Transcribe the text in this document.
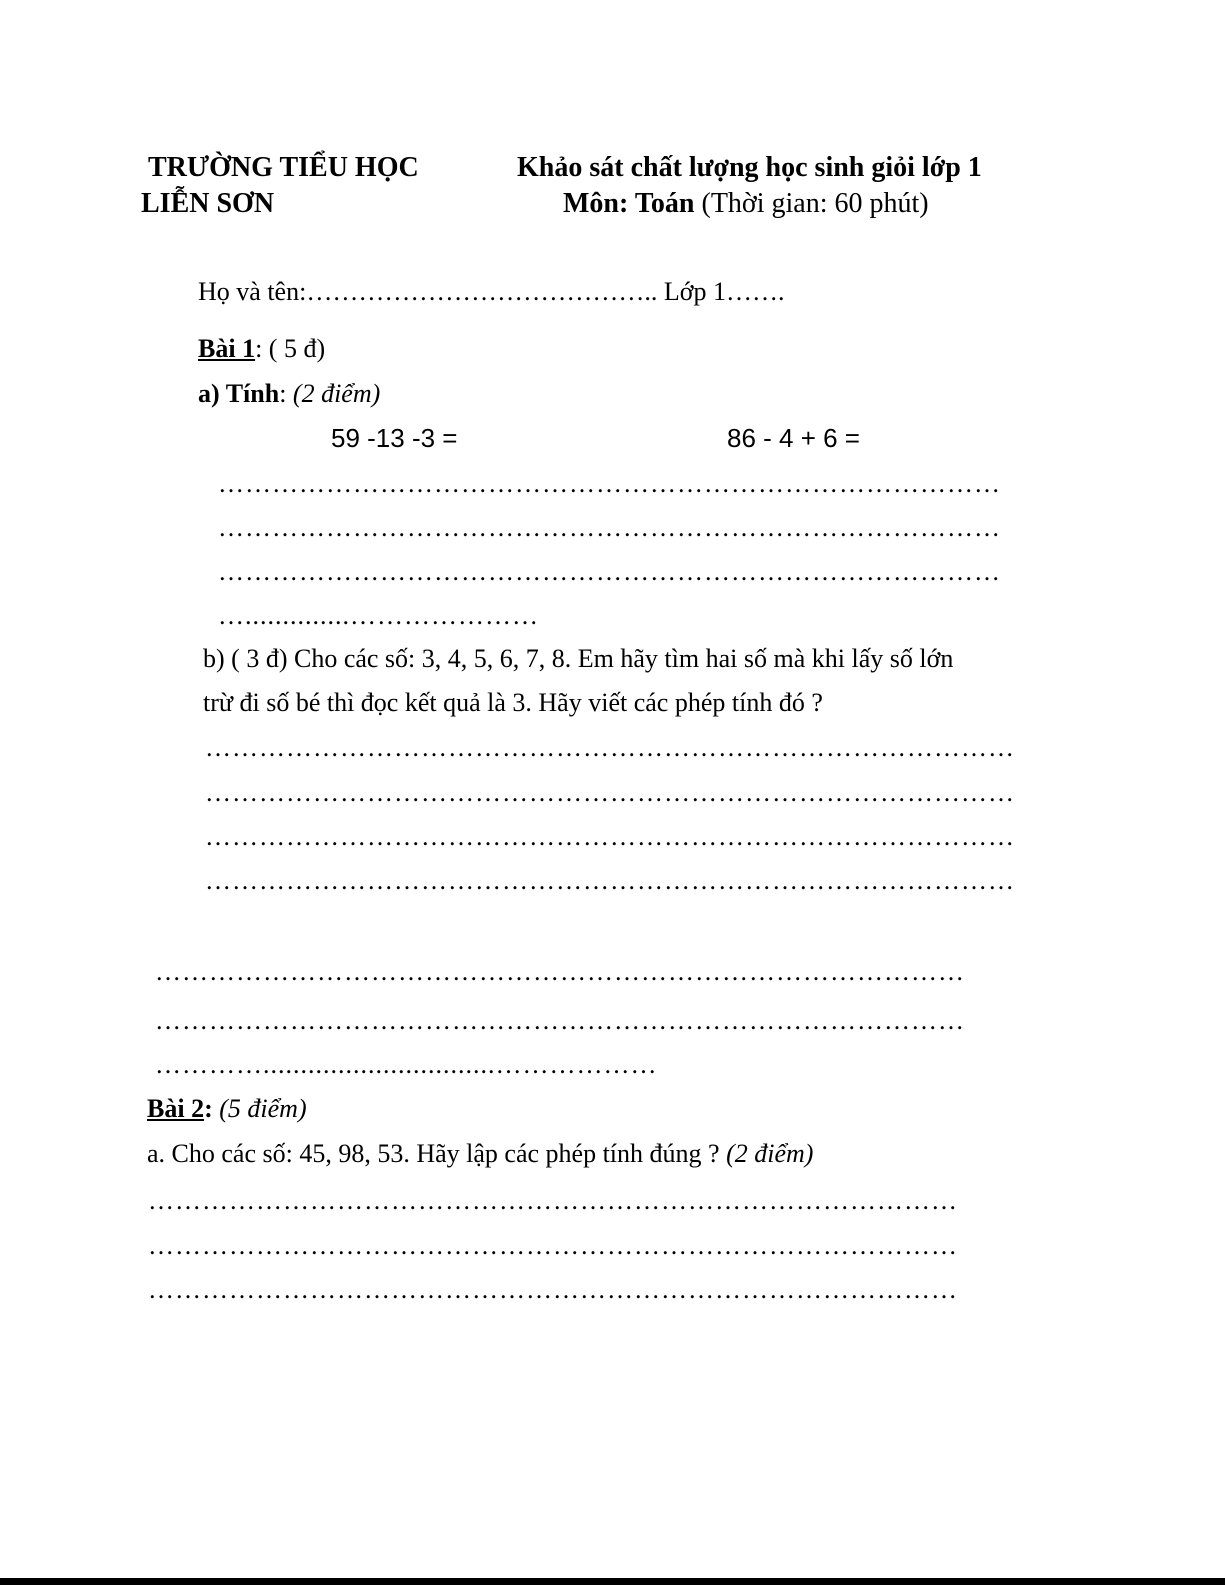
TRƯỜNG TIỂU HỌC
LIỄN SƠN
Khảo sát chất lượng học sinh giỏi lớp 1
Môn: Toán (Thời gian: 60 phút)
Họ và tên:………………………………….. Lớp 1…….
Bài 1: ( 5 đ)
a) Tính: (2 điểm)
59 -13 -3 =	86 - 4 + 6 =
……………………………………………………………………………
……………………………………………………………………………
……………………………………………………………………………
…..............…………………
b) ( 3 đ) Cho các số: 3, 4, 5, 6, 7, 8. Em hãy tìm hai số mà khi lấy số lớn
trừ đi số bé thì đọc kết quả là 3. Hãy viết các phép tính đó ?
………………………………………………………………………………
………………………………………………………………………………
………………………………………………………………………………
………………………………………………………………………………
………………………………………………………………………………
………………………………………………………………………………
…………...............................………………
Bài 2: (5 điểm)
a. Cho các số: 45, 98, 53. Hãy lập các phép tính đúng ? (2 điểm)
………………………………………………………………………………
………………………………………………………………………………
………………………………………………………………………………
